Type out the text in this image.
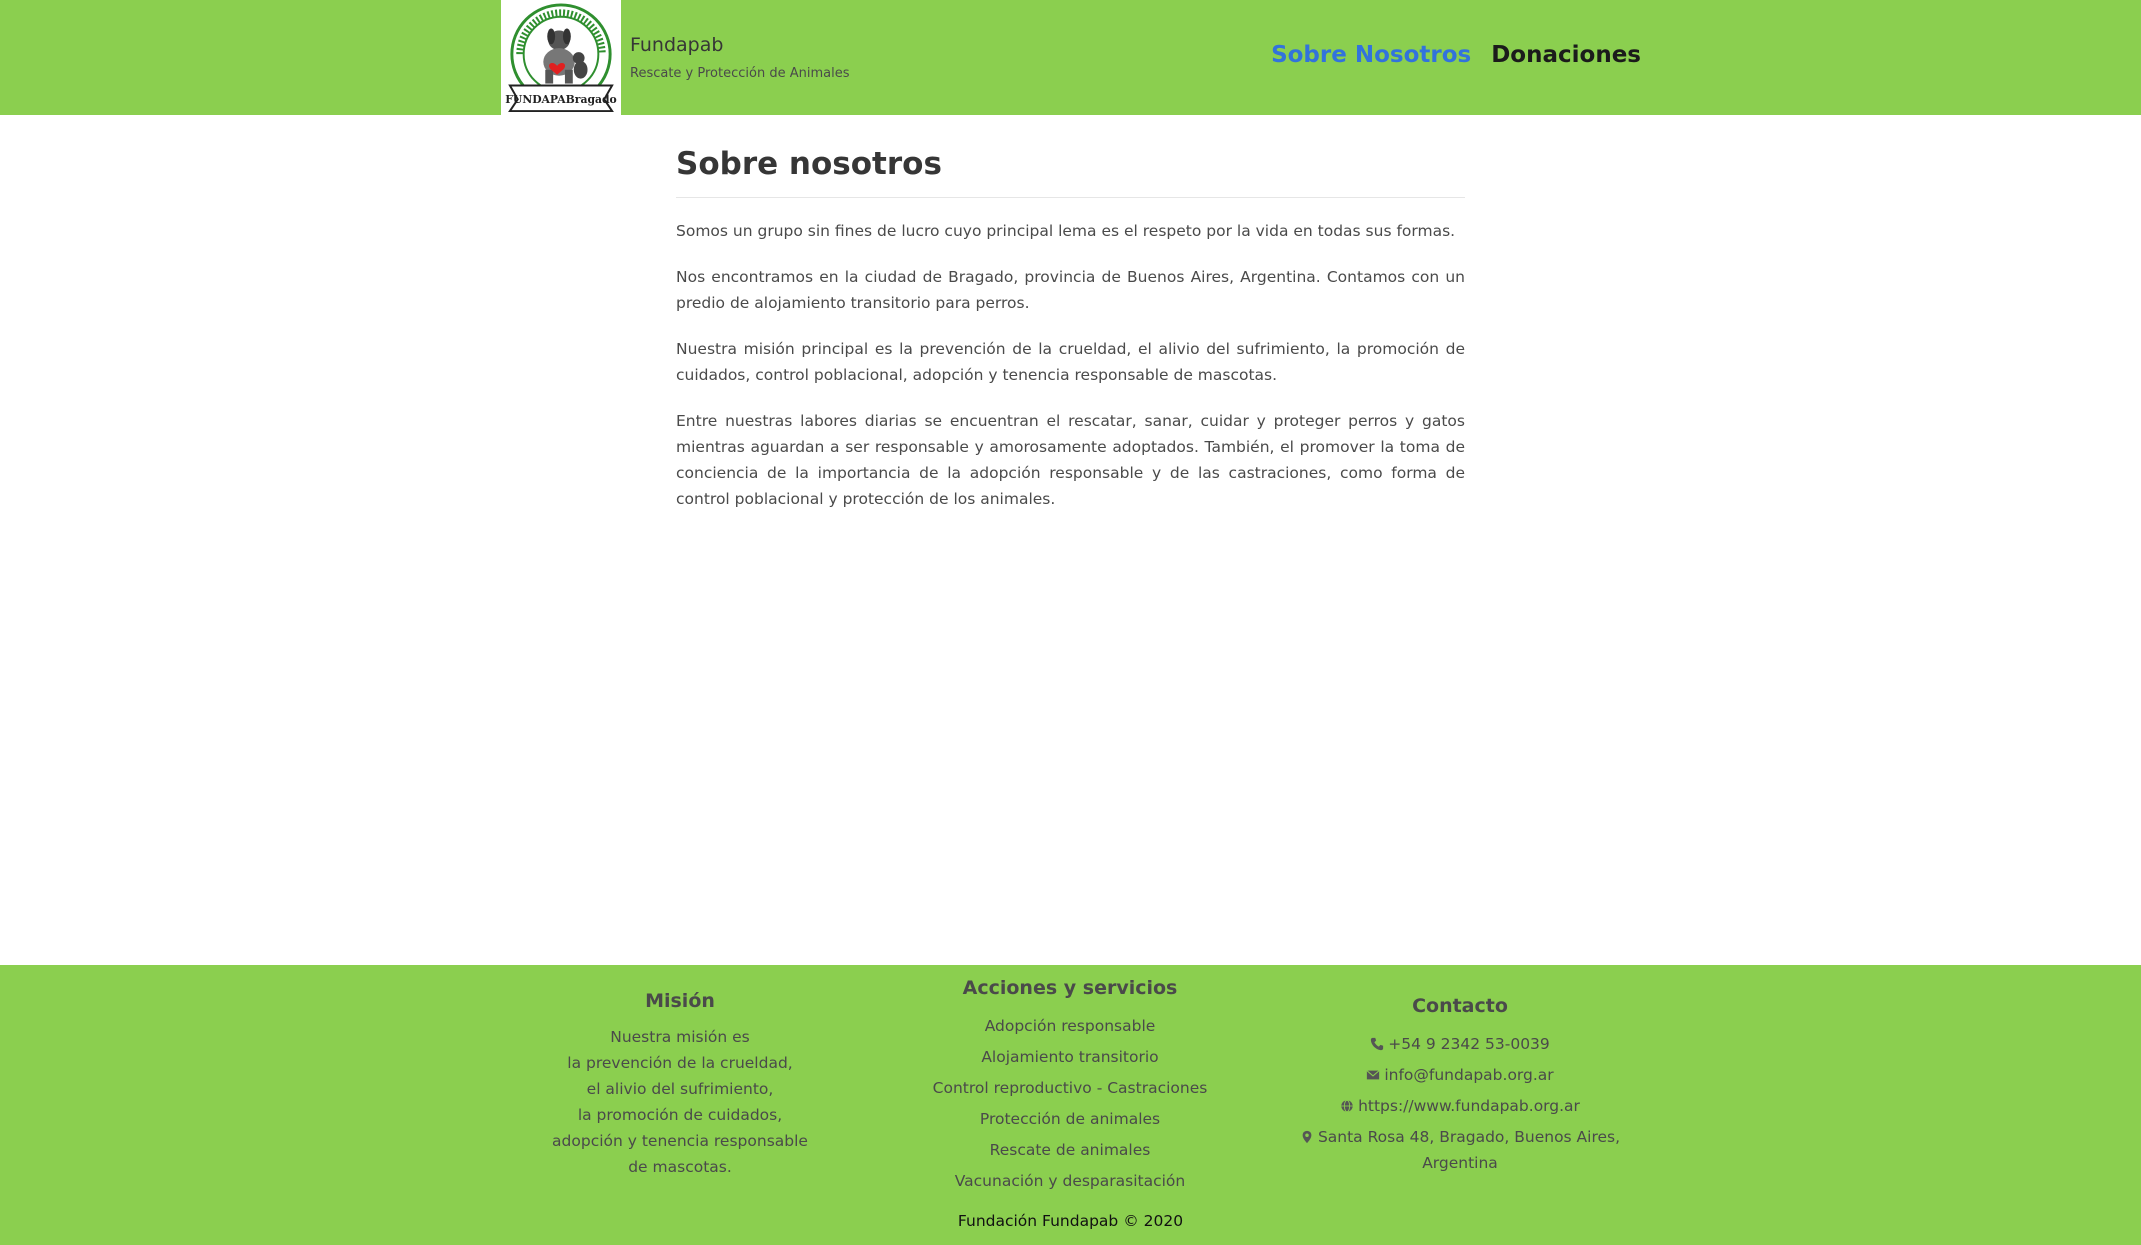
FUNDAPABragado
Fundapab
Rescate y Protección de Animales
Sobre Nosotros Donaciones
Sobre nosotros

Somos un grupo sin fines de lucro cuyo principal lema es el respeto por la vida en todas sus formas.

Nos encontramos en la ciudad de Bragado, provincia de Buenos Aires, Argentina. Contamos con un predio de alojamiento transitorio para perros.

Nuestra misión principal es la prevención de la crueldad, el alivio del sufrimiento, la promoción de cuidados, control poblacional, adopción y tenencia responsable de mascotas.

Entre nuestras labores diarias se encuentran el rescatar, sanar, cuidar y proteger perros y gatos mientras aguardan a ser responsable y amorosamente adoptados. También, el promover la toma de conciencia de la importancia de la adopción responsable y de las castraciones, como forma de control poblacional y protección de los animales.

Misión
Nuestra misión es
la prevención de la crueldad,
el alivio del sufrimiento,
la promoción de cuidados,
adopción y tenencia responsable
de mascotas.
Acciones y servicios
Adopción responsable
Alojamiento transitorio
Control reproductivo - Castraciones
Protección de animales
Rescate de animales
Vacunación y desparasitación
Contacto
+54 9 2342 53-0039
info@fundapab.org.ar
https://www.fundapab.org.ar
Santa Rosa 48, Bragado, Buenos Aires, Argentina
Fundación Fundapab © 2020
